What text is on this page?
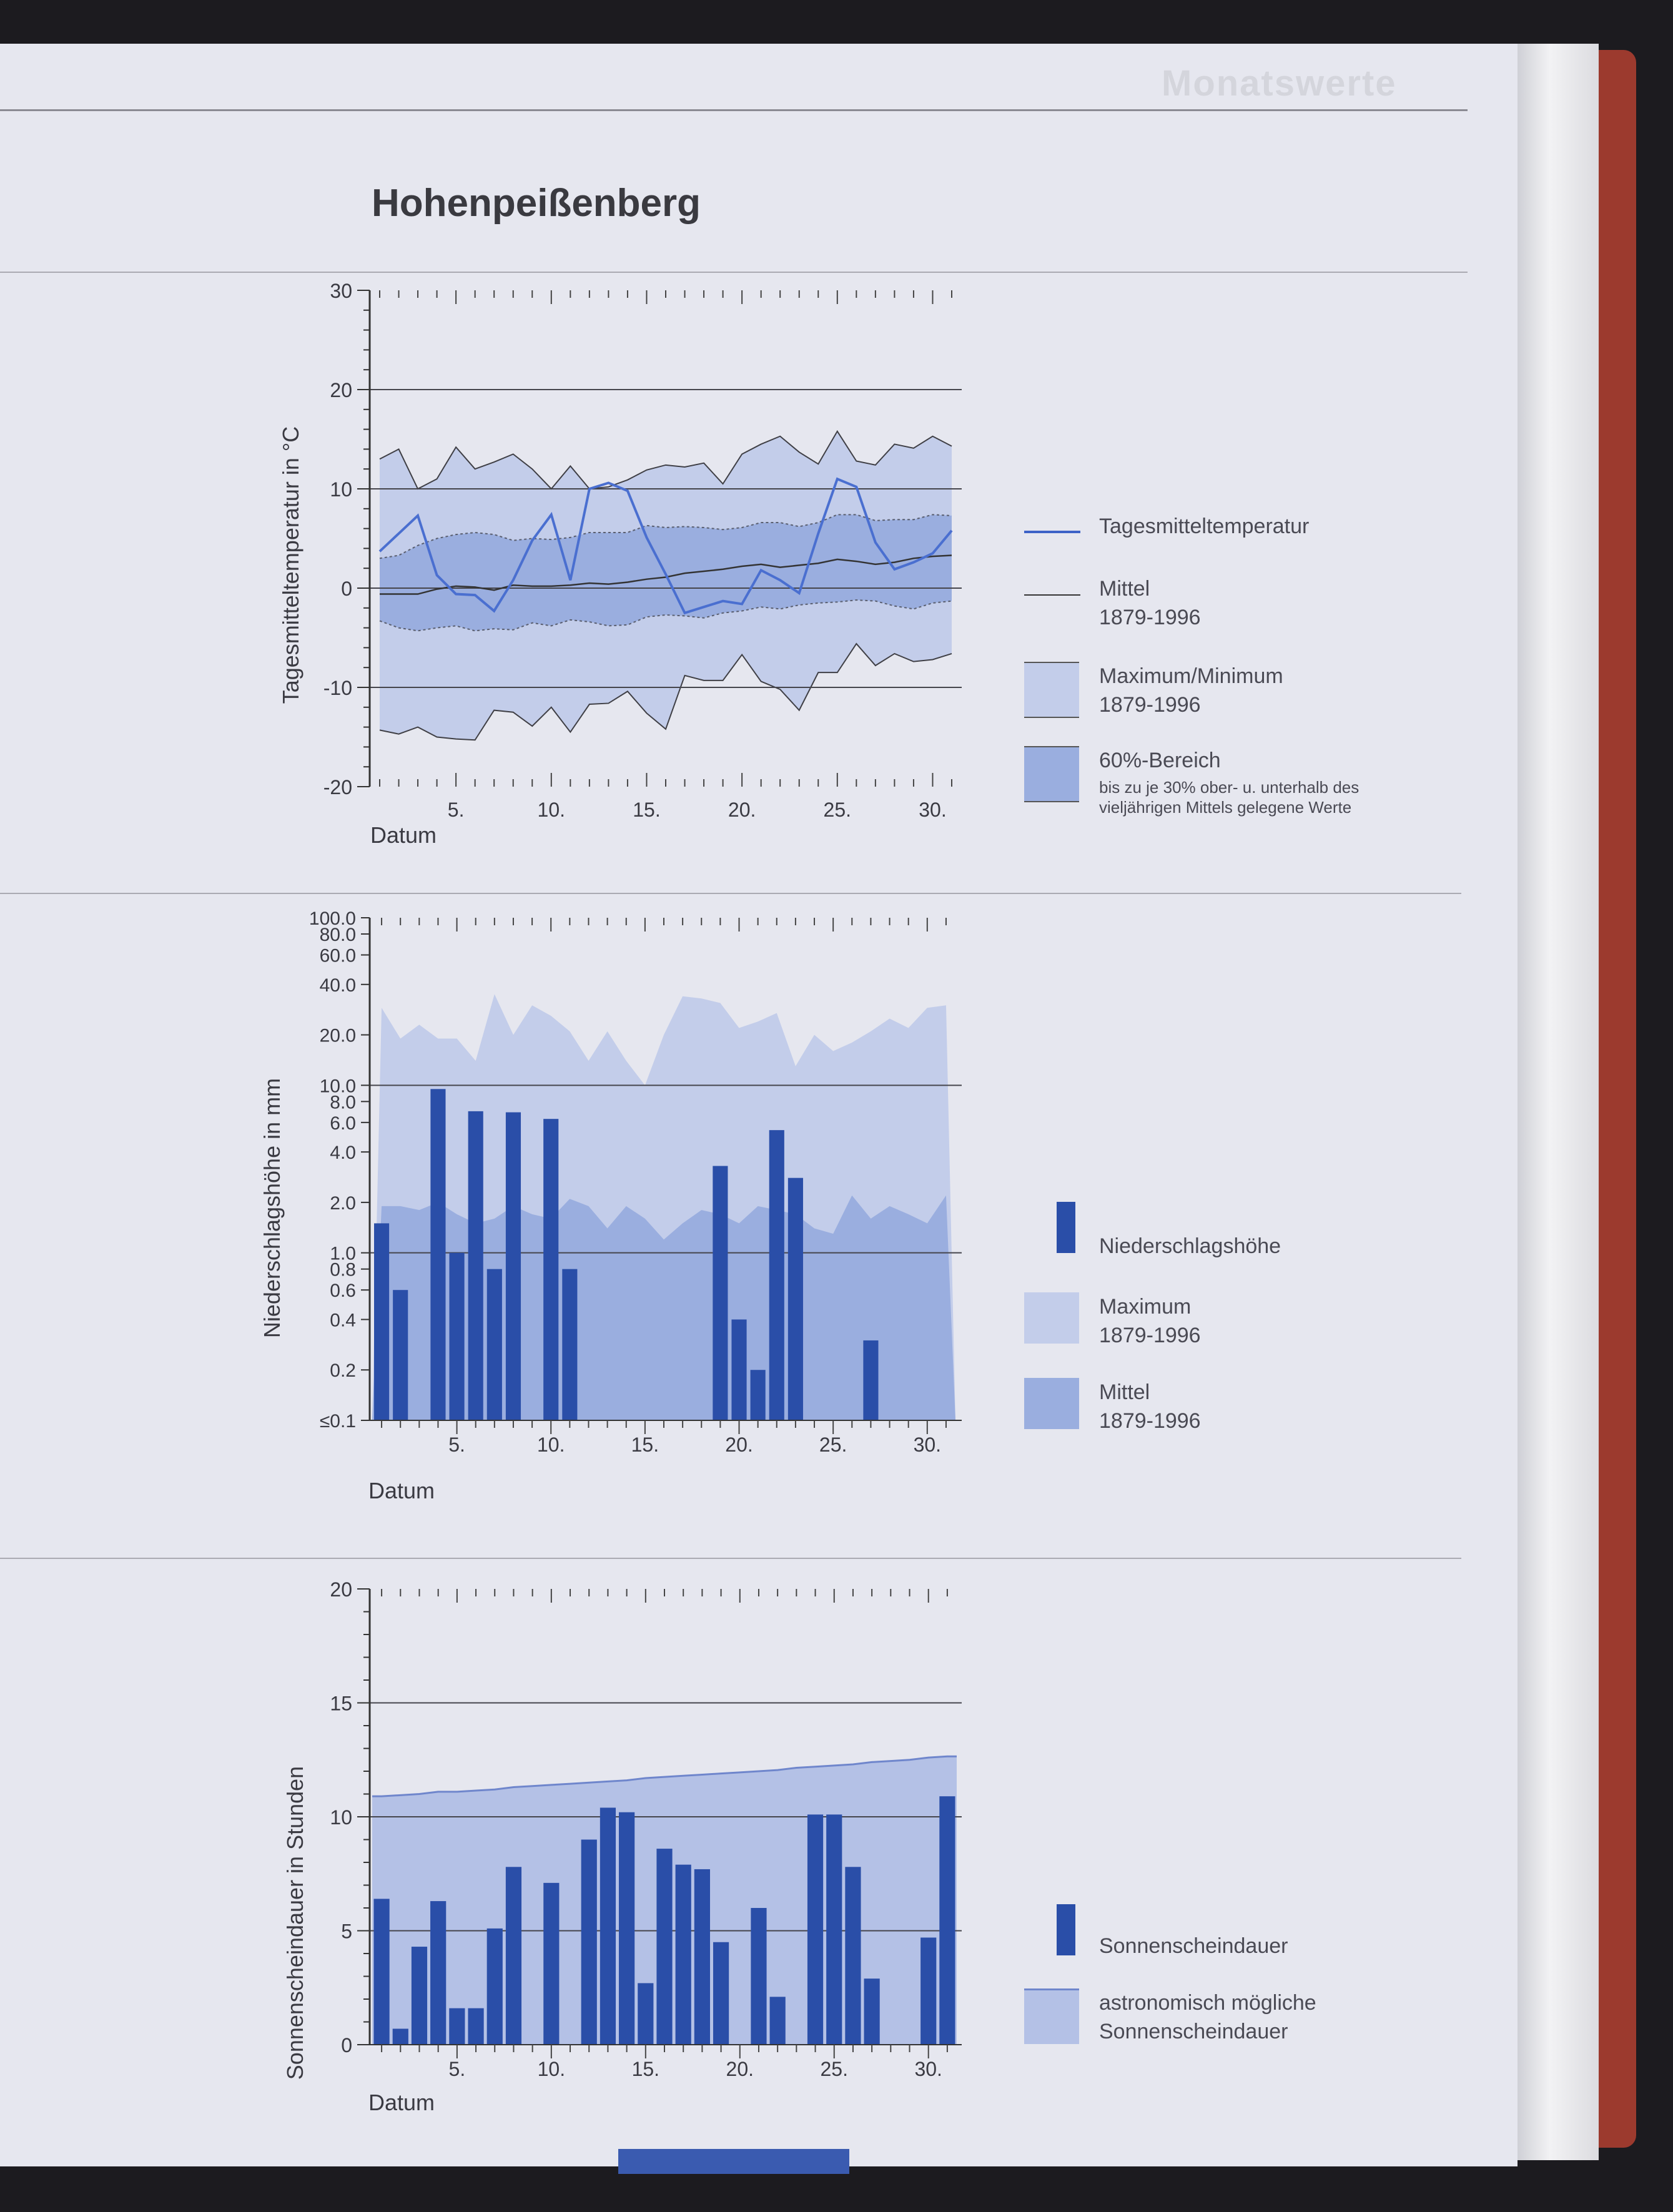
Monatswerte
Hohenpeißenberg
30
20
10
0
-10
-20
5.	10.	15.	20.	25.	30.
Tagesmitteltemperatur in °C
Datum
100.0
80.0
60.0
40.0
20.0
10.0
8.0
6.0
4.0
2.0
1.0
0.8
0.6
0.4
0.2
≤0.1
5.	10.	15.	20.	25.	30.
Niederschlagshöhe in mm
Datum
20
15
10
5
0
5.	10.	15.	20.	25.	30.
Sonnenscheindauer in Stunden
Datum
Tagesmitteltemperatur
Mittel
1879-1996
Maximum/Minimum
1879-1996
60%-Bereich
bis zu je 30% ober- u. unterhalb des vieljährigen Mittels gelegene Werte
Niederschlagshöhe
Maximum
1879-1996
Mittel
1879-1996
Sonnenscheindauer
astronomisch mögliche
Sonnenscheindauer
